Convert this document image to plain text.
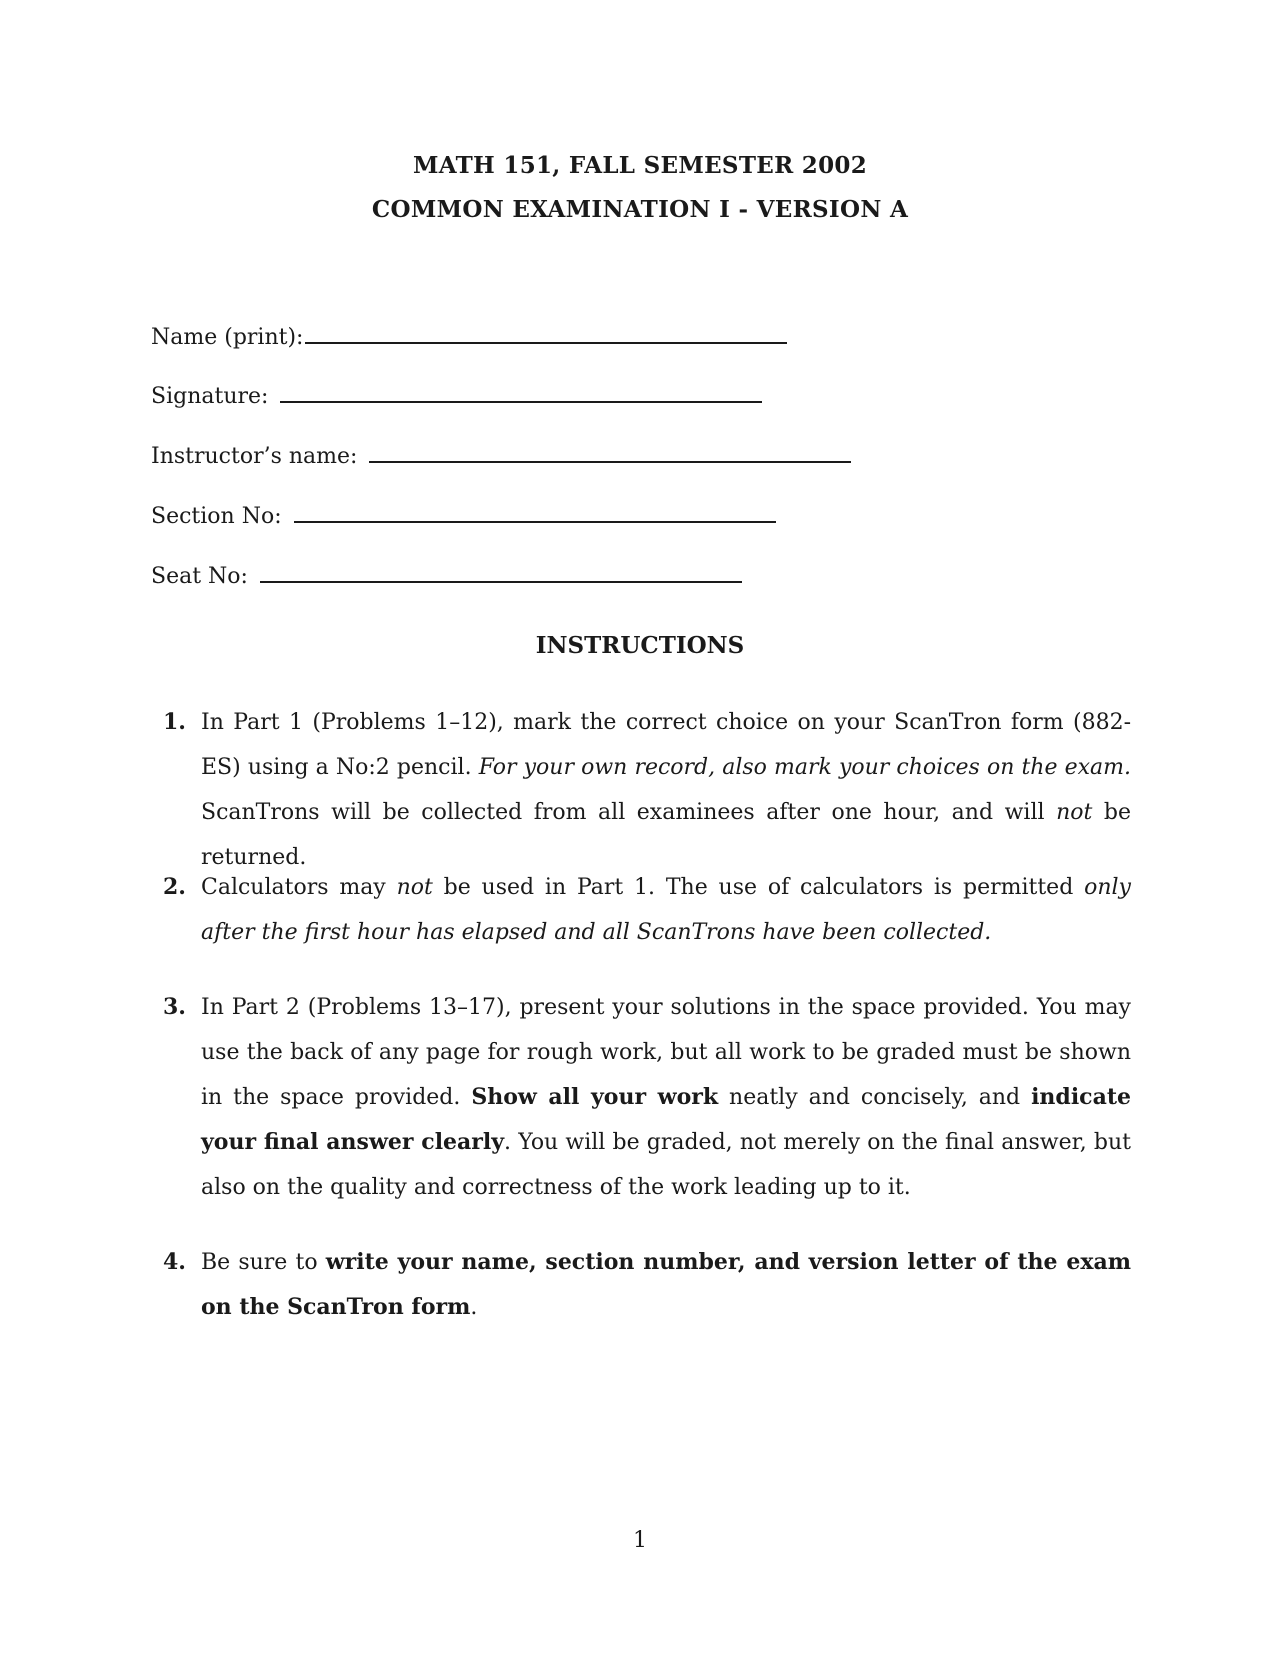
MATH 151, FALL SEMESTER 2002
COMMON EXAMINATION I - VERSION A
Name (print):
Signature:
Instructor’s name:
Section No:
Seat No:
INSTRUCTIONS
1. In Part 1 (Problems 1–12), mark the correct choice on your ScanTron form (882-ES) using a No:2 pencil. For your own record, also mark your choices on the exam. ScanTrons will be collected from all examinees after one hour, and will not be returned.
2. Calculators may not be used in Part 1. The use of calculators is permitted only after the first hour has elapsed and all ScanTrons have been collected.
3. In Part 2 (Problems 13–17), present your solutions in the space provided. You may use the back of any page for rough work, but all work to be graded must be shown in the space provided. Show all your work neatly and concisely, and indicate your final answer clearly. You will be graded, not merely on the final answer, but also on the quality and correctness of the work leading up to it.
4. Be sure to write your name, section number, and version letter of the exam on the ScanTron form.
1
